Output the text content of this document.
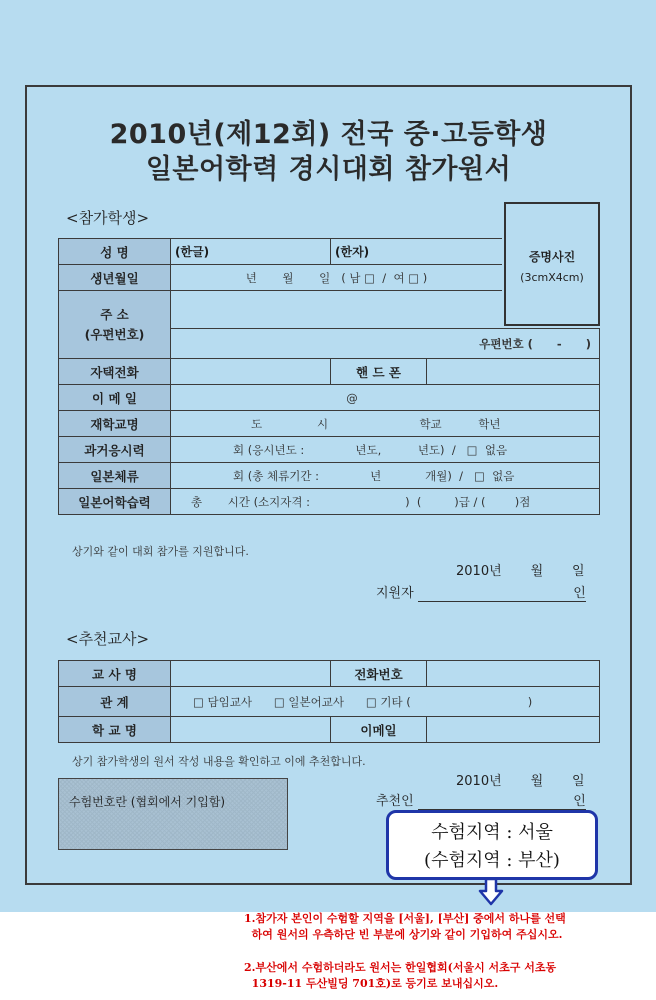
2010년(제12회) 전국 중·고등학생
일본어학력 경시대회 참가원서
<참가학생>
증명사진
(3cmX4cm)
성 명	(한글)	(한자)
생년월일	년       월       일   ( 남 □  /  여 □ )	
주 소
(우편번호)			

	우편번호 (      -      )		
자택전화		핸 드 폰	
이 메 일	@		
재학교명	도               시                         학교          학년		
과거응시력	회 (응시년도 :              년도,          년도)  /   □  없음		
일본체류	회 (총 체류기간 :              년            개월)  /   □  없음		
일본어학습력	총       시간 (소지자격 :                          )  (         )급 / (        )점		
상기와 같이 대회 참가를 지원합니다.
2010년       월       일
지원자	인
<추천교사>
교 사 명		전화번호	
관 계	□ 담임교사      □ 일본어교사      □ 기타 (                                )		
학 교 명		이메일	
상기 참가학생의 원서 작성 내용을 확인하고 이에 추천합니다.
2010년       월       일
추천인	인
수험번호란 (협회에서 기입함)
수험지역 : 서울
(수험지역 : 부산)
1.참가자 본인이 수험할 지역을 [서울], [부산] 중에서 하나를 선택
하여 원서의 우측하단 빈 부분에 상기와 같이 기입하여 주십시오.
2.부산에서 수험하더라도 원서는 한일협회(서울시 서초구 서초동
1319-11 두산빌딩 701호)로 등기로 보내십시오.
